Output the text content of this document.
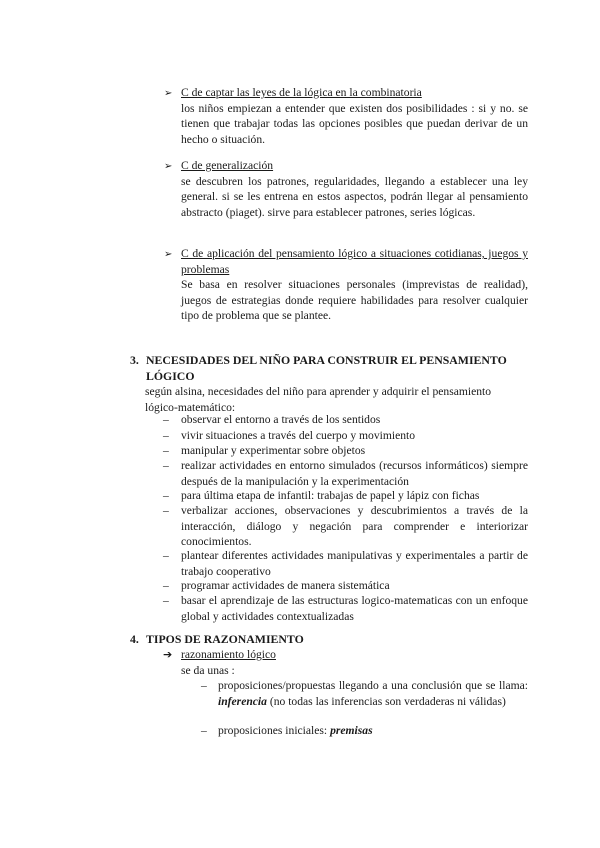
➢ C de captar las leyes de la lógica en la combinatoria
los niños empiezan a entender que existen dos posibilidades : si y no. se tienen que trabajar todas las opciones posibles que puedan derivar de un hecho o situación.
➢ C de generalización
se descubren los patrones, regularidades, llegando a establecer una ley general. si se les entrena en estos aspectos, podrán llegar al pensamiento abstracto (piaget). sirve para establecer patrones, series lógicas.
➢ C de aplicación del pensamiento lógico a situaciones cotidianas, juegos y problemas
Se basa en resolver situaciones personales (imprevistas de realidad), juegos de estrategias donde requiere habilidades para resolver cualquier tipo de problema que se plantee.
3. NECESIDADES DEL NIÑO PARA CONSTRUIR EL PENSAMIENTO LÓGICO
según alsina, necesidades del niño para aprender y adquirir el pensamiento lógico-matemático:
– observar el entorno a través de los sentidos
– vivir situaciones a través del cuerpo y movimiento
– manipular y experimentar sobre objetos
– realizar actividades en entorno simulados (recursos informáticos) siempre después de la manipulación y la experimentación
– para última etapa de infantil: trabajas de papel y lápiz con fichas
– verbalizar acciones, observaciones y descubrimientos a través de la interacción, diálogo y negación para comprender e interiorizar conocimientos.
– plantear diferentes actividades manipulativas y experimentales a partir de trabajo cooperativo
– programar actividades de manera sistemática
– basar el aprendizaje de las estructuras logico-matematicas con un enfoque global y actividades contextualizadas
4. TIPOS DE RAZONAMIENTO
➔ razonamiento lógico
se da unas :
– proposiciones/propuestas llegando a una conclusión que se llama: inferencia (no todas las inferencias son verdaderas ni válidas)
– proposiciones iniciales: premisas
